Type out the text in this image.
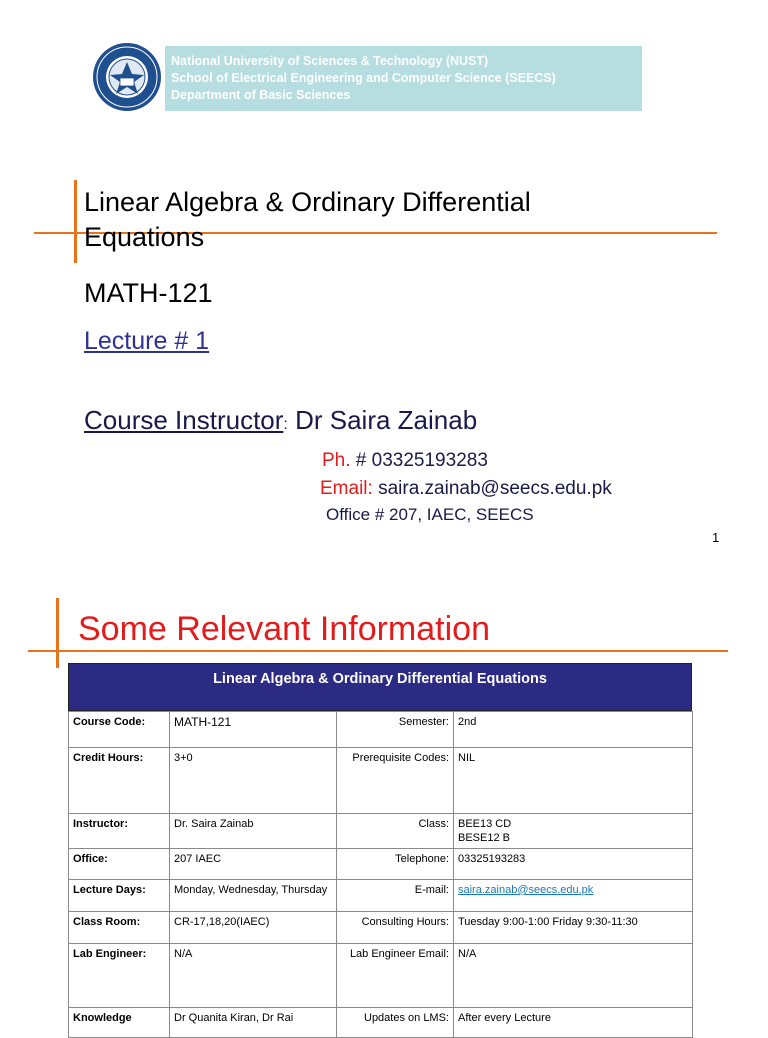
National University of Sciences & Technology (NUST)
School of Electrical Engineering and Computer Science (SEECS)
Department of Basic Sciences
Linear Algebra & Ordinary Differential Equations
MATH-121
Lecture # 1
Course Instructor: Dr Saira Zainab
Ph. # 03325193283
Email: saira.zainab@seecs.edu.pk
Office # 207, IAEC, SEECS
1
Some Relevant Information
Linear Algebra & Ordinary Differential Equations
Course Code:	MATH-121	Semester:	2nd
Credit Hours:	3+0	Prerequisite Codes:	NIL
Instructor:	Dr. Saira Zainab	Class:	BEE13 CD
BESE12 B

Office:	207 IAEC	Telephone:	03325193283
Lecture Days:	Monday, Wednesday, Thursday	E-mail:	saira.zainab@seecs.edu.pk
Class Room:	CR-17,18,20(IAEC)	Consulting Hours:	Tuesday 9:00-1:00 Friday 9:30-11:30
Lab Engineer:	N/A	Lab Engineer Email:	N/A
Knowledge	Dr Quanita Kiran, Dr Rai	Updates on LMS:	After every Lecture
